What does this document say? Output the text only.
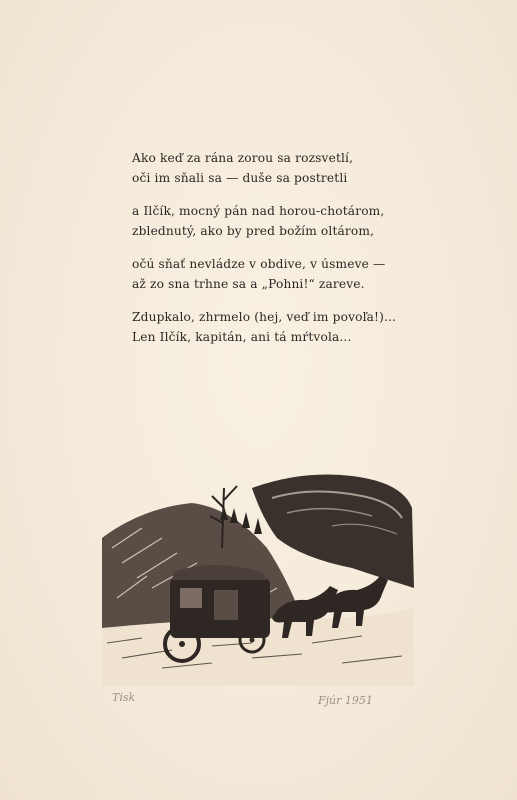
Ako keď za rána zorou sa rozsvetlí,
oči im sňali sa — duše sa postretli
a Ilčík, mocný pán nad horou-chotárom,
zblednutý, ako by pred božím oltárom,
očú sňať nevládze v obdive, v úsmeve —
až zo sna trhne sa a „Pohni!“ zareve.
Zdupkalo, zhrmelo (hej, veď im povoľa!)...
Len Ilčík, kapitán, ani tá mŕtvola...
Tisk	Fjúr 1951
